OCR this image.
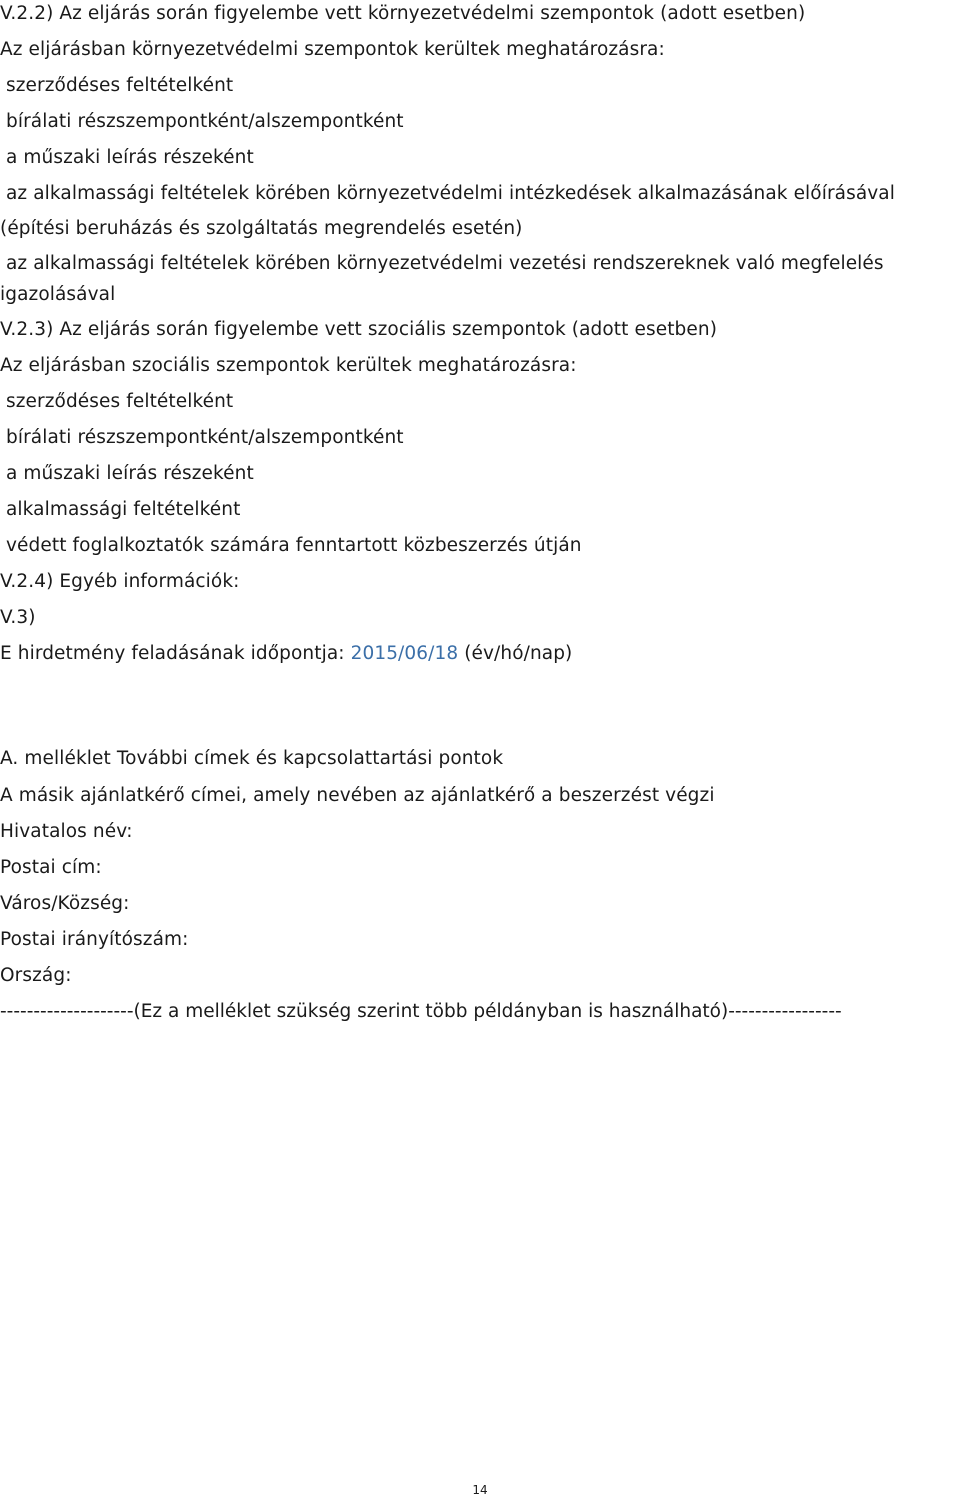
V.2.2) Az eljárás során figyelembe vett környezetvédelmi szempontok (adott esetben)
Az eljárásban környezetvédelmi szempontok kerültek meghatározásra:
szerződéses feltételként
bírálati részszempontként/alszempontként
a műszaki leírás részeként
az alkalmassági feltételek körében környezetvédelmi intézkedések alkalmazásának előírásával
(építési beruházás és szolgáltatás megrendelés esetén)
az alkalmassági feltételek körében környezetvédelmi vezetési rendszereknek való megfelelés
igazolásával
V.2.3) Az eljárás során figyelembe vett szociális szempontok (adott esetben)
Az eljárásban szociális szempontok kerültek meghatározásra:
szerződéses feltételként
bírálati részszempontként/alszempontként
a műszaki leírás részeként
alkalmassági feltételként
védett foglalkoztatók számára fenntartott közbeszerzés útján
V.2.4) Egyéb információk:
V.3)
E hirdetmény feladásának időpontja: 2015/06/18 (év/hó/nap)
A. melléklet További címek és kapcsolattartási pontok
A másik ajánlatkérő címei, amely nevében az ajánlatkérő a beszerzést végzi
Hivatalos név:
Postai cím:
Város/Község:
Postai irányítószám:
Ország:
--------------------(Ez a melléklet szükség szerint több példányban is használható)-----------------
14
